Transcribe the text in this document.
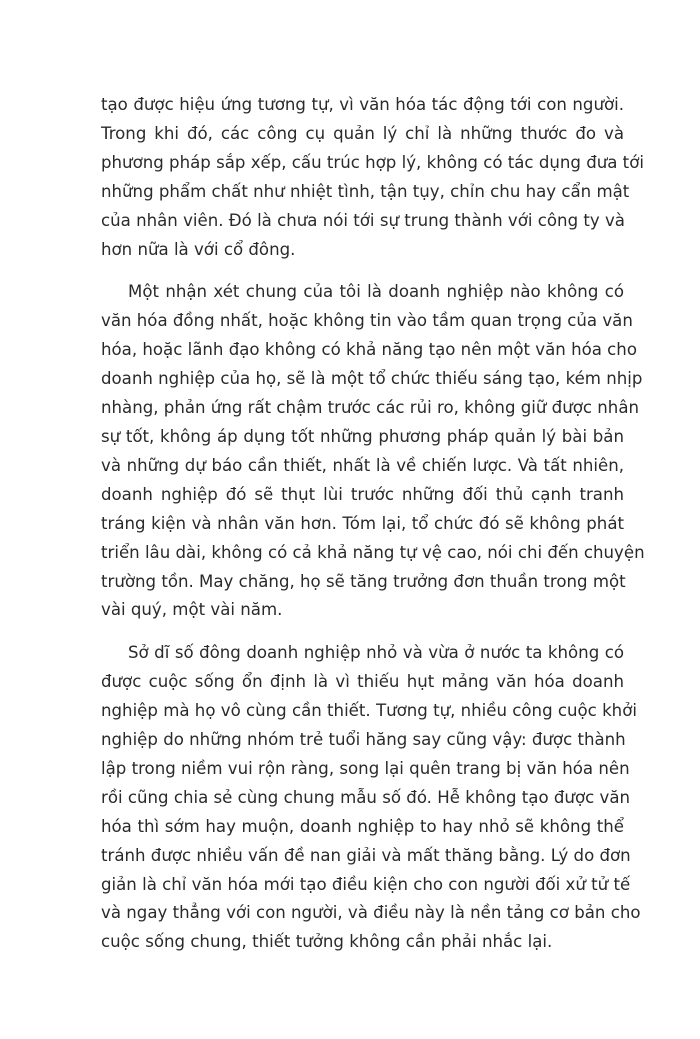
tạo được hiệu ứng tương tự, vì văn hóa tác động tới con người.
Trong khi đó, các công cụ quản lý chỉ là những thước đo và
phương pháp sắp xếp, cấu trúc hợp lý, không có tác dụng đưa tới
những phẩm chất như nhiệt tình, tận tụy, chỉn chu hay cẩn mật
của nhân viên. Đó là chưa nói tới sự trung thành với công ty và
hơn nữa là với cổ đông.

Một nhận xét chung của tôi là doanh nghiệp nào không có
văn hóa đồng nhất, hoặc không tin vào tầm quan trọng của văn
hóa, hoặc lãnh đạo không có khả năng tạo nên một văn hóa cho
doanh nghiệp của họ, sẽ là một tổ chức thiếu sáng tạo, kém nhịp
nhàng, phản ứng rất chậm trước các rủi ro, không giữ được nhân
sự tốt, không áp dụng tốt những phương pháp quản lý bài bản
và những dự báo cần thiết, nhất là về chiến lược. Và tất nhiên,
doanh nghiệp đó sẽ thụt lùi trước những đối thủ cạnh tranh
tráng kiện và nhân văn hơn. Tóm lại, tổ chức đó sẽ không phát
triển lâu dài, không có cả khả năng tự vệ cao, nói chi đến chuyện
trường tồn. May chăng, họ sẽ tăng trưởng đơn thuần trong một
vài quý, một vài năm.

Sở dĩ số đông doanh nghiệp nhỏ và vừa ở nước ta không có
được cuộc sống ổn định là vì thiếu hụt mảng văn hóa doanh
nghiệp mà họ vô cùng cần thiết. Tương tự, nhiều công cuộc khởi
nghiệp do những nhóm trẻ tuổi hăng say cũng vậy: được thành
lập trong niềm vui rộn ràng, song lại quên trang bị văn hóa nên
rồi cũng chia sẻ cùng chung mẫu số đó. Hễ không tạo được văn
hóa thì sớm hay muộn, doanh nghiệp to hay nhỏ sẽ không thể
tránh được nhiều vấn đề nan giải và mất thăng bằng. Lý do đơn
giản là chỉ văn hóa mới tạo điều kiện cho con người đối xử tử tế
và ngay thẳng với con người, và điều này là nền tảng cơ bản cho
cuộc sống chung, thiết tưởng không cần phải nhắc lại.
